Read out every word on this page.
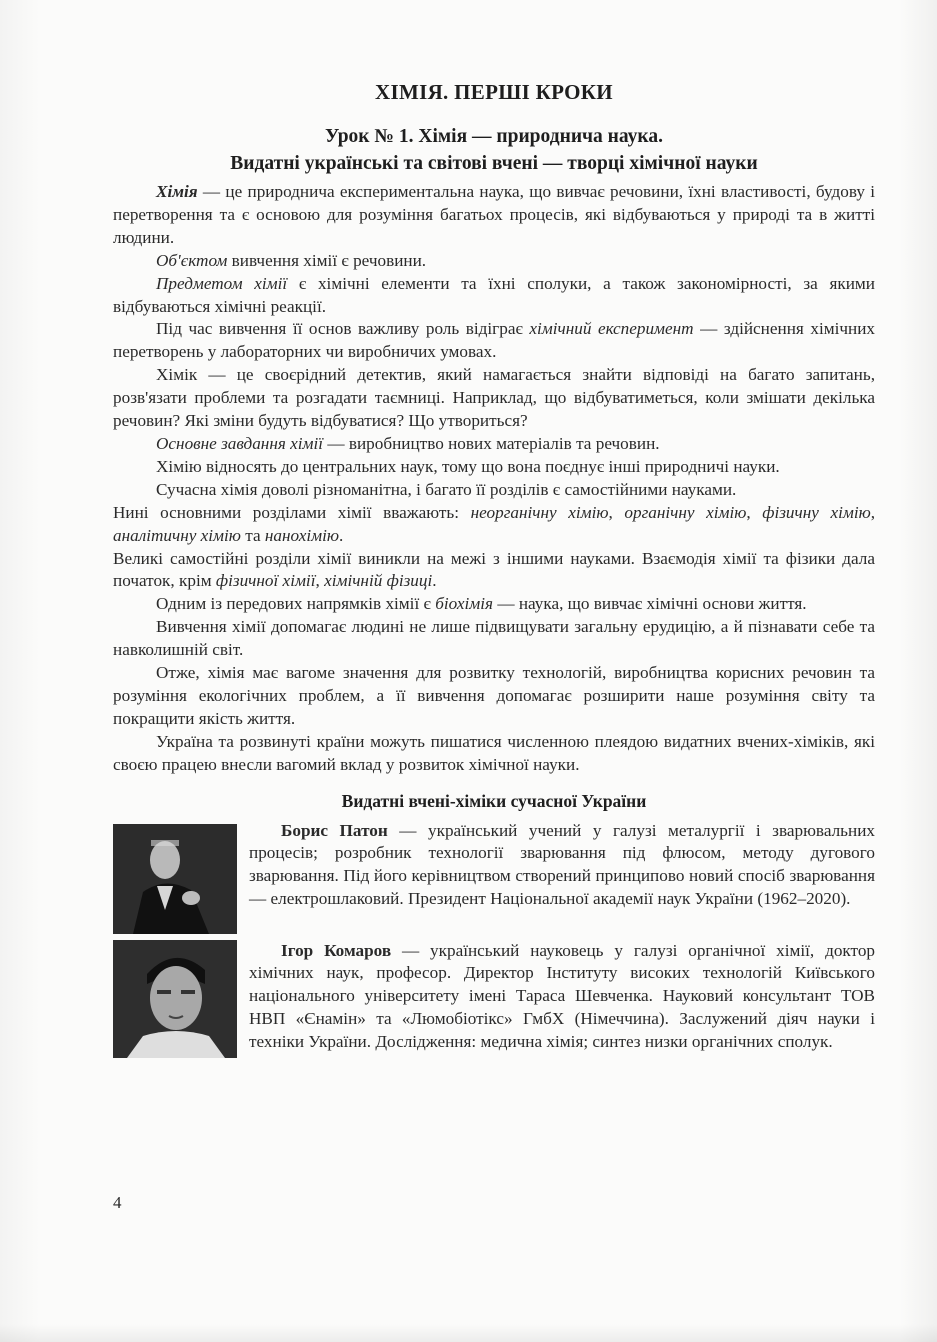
ХІМІЯ. ПЕРШІ КРОКИ
Урок № 1. Хімія — природнича наука.
Видатні українські та світові вчені — творці хімічної науки

Хімія — це природнича експериментальна наука, що вивчає речовини, їхні властивості, будову і перетворення та є основою для розуміння багатьох процесів, які відбуваються у природі та в житті людини.

Об'єктом вивчення хімії є речовини.

Предметом хімії є хімічні елементи та їхні сполуки, а також закономірності, за якими відбуваються хімічні реакції.

Під час вивчення її основ важливу роль відіграє хімічний експеримент — здійснення хімічних перетворень у лабораторних чи виробничих умовах.

Хімік — це своєрідний детектив, який намагається знайти відповіді на багато запитань, розв'язати проблеми та розгадати таємниці. Наприклад, що відбуватиметься, коли змішати декілька речовин? Які зміни будуть відбуватися? Що утвориться?

Основне завдання хімії — виробництво нових матеріалів та речовин.

Хімію відносять до центральних наук, тому що вона поєднує інші природничі науки.

Сучасна хімія доволі різноманітна, і багато її розділів є самостійними науками.

Нині основними розділами хімії вважають: неорганічну хімію, органічну хімію, фізичну хімію, аналітичну хімію та нанохімію.

Великі самостійні розділи хімії виникли на межі з іншими науками. Взаємодія хімії та фізики дала початок, крім фізичної хімії, хімічній фізиці.

Одним із передових напрямків хімії є біохімія — наука, що вивчає хімічні основи життя.

Вивчення хімії допомагає людині не лише підвищувати загальну ерудицію, а й пізнавати себе та навколишній світ.

Отже, хімія має вагоме значення для розвитку технологій, виробництва корисних речовин та розуміння екологічних проблем, а її вивчення допомагає розширити наше розуміння світу та покращити якість життя.

Україна та розвинуті країни можуть пишатися численною плеядою видатних вчених-хіміків, які своєю працею внесли вагомий вклад у розвиток хімічної науки.

Видатні вчені-хіміки сучасної України

Борис Патон — український учений у галузі металургії і зварювальних процесів; розробник технології зварювання під флюсом, методу дугового зварювання. Під його керівництвом створений принципово новий спосіб зварювання — електрошлаковий. Президент Національної академії наук України (1962–2020).

Ігор Комаров — український науковець у галузі органічної хімії, доктор хімічних наук, професор. Директор Інституту високих технологій Київського національного університету імені Тараса Шевченка. Науковий консультант ТОВ НВП «Єнамін» та «Люмобіотікс» ГмбХ (Німеччина). Заслужений діяч науки і техніки України. Дослідження: медична хімія; синтез низки органічних сполук.

4
